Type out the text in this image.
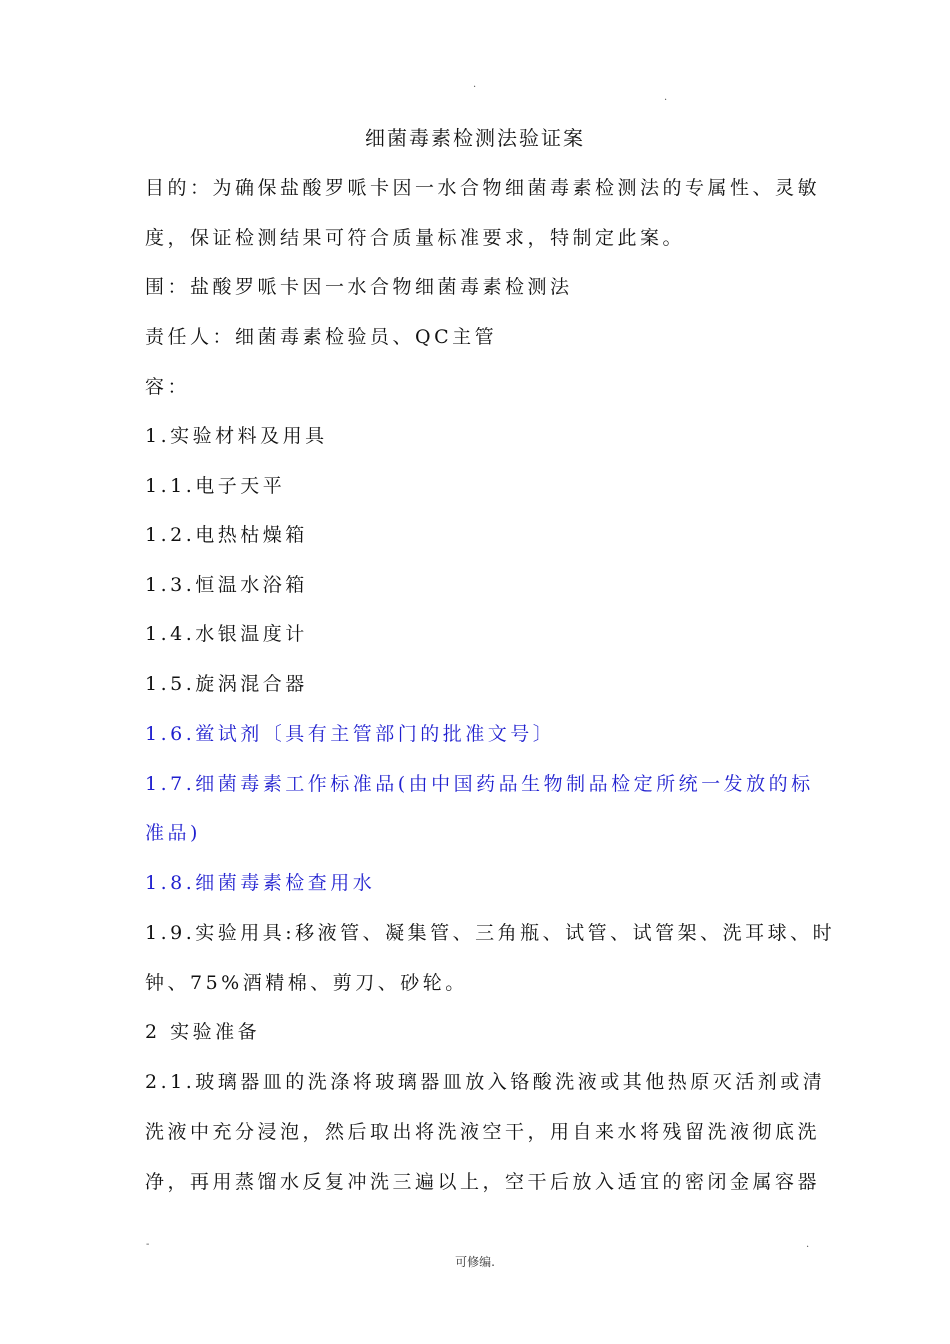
.
.
细菌毒素检测法验证案
目的：为确保盐酸罗哌卡因一水合物细菌毒素检测法的专属性、灵敏
度，保证检测结果可符合质量标准要求，特制定此案。
围：盐酸罗哌卡因一水合物细菌毒素检测法
责任人：细菌毒素检验员、QC主管
容：
1.实验材料及用具
1.1.电子天平
1.2.电热枯燥箱
1.3.恒温水浴箱
1.4.水银温度计
1.5.旋涡混合器
1.6.鲎试剂〔具有主管部门的批准文号〕
1.7.细菌毒素工作标准品(由中国药品生物制品检定所统一发放的标
准品)
1.8.细菌毒素检查用水
1.9.实验用具:移液管、凝集管、三角瓶、试管、试管架、洗耳球、时
钟、75%酒精棉、剪刀、砂轮。
2 实验准备
2.1.玻璃器皿的洗涤将玻璃器皿放入铬酸洗液或其他热原灭活剂或清
洗液中充分浸泡，然后取出将洗液空干，用自来水将残留洗液彻底洗
净，再用蒸馏水反复冲洗三遍以上，空干后放入适宜的密闭金属容器
-
可修编.
.
